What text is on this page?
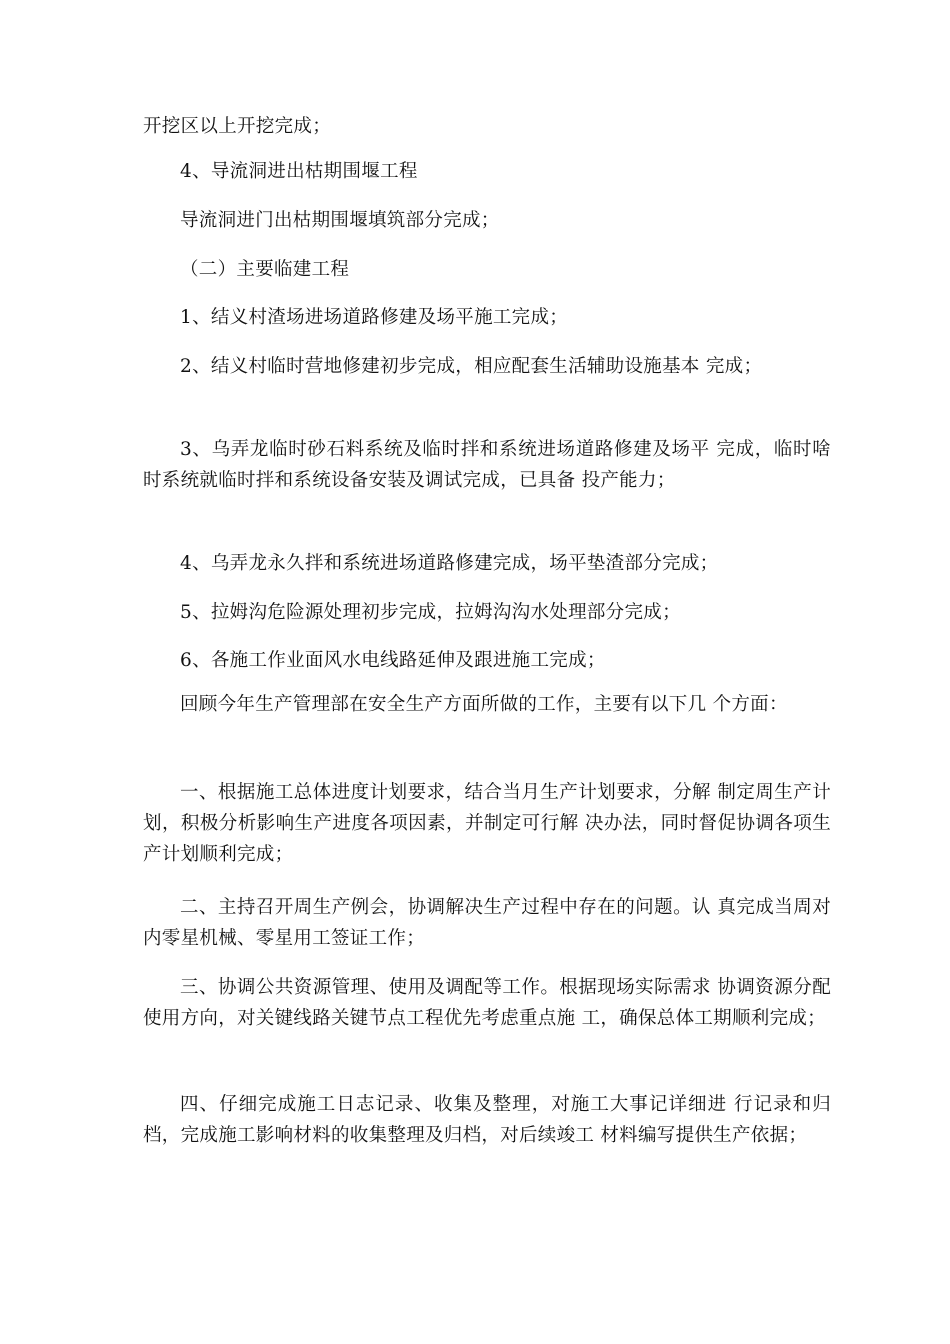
开挖区以上开挖完成；

4、导流洞进出枯期围堰工程

导流洞进门出枯期围堰填筑部分完成；

（二）主要临建工程

1、结义村渣场进场道路修建及场平施工完成；

2、结义村临时营地修建初步完成，相应配套生活辅助设施基本 完成；

3、乌弄龙临时砂石料系统及临时拌和系统进场道路修建及场平 完成，临时啥时系统就临时拌和系统设备安装及调试完成，已具备 投产能力；

4、乌弄龙永久拌和系统进场道路修建完成，场平垫渣部分完成；

5、拉姆沟危险源处理初步完成，拉姆沟沟水处理部分完成；

6、各施工作业面风水电线路延伸及跟进施工完成；

回顾今年生产管理部在安全生产方面所做的工作，主要有以下几 个方面：

一、根据施工总体进度计划要求，结合当月生产计划要求，分解 制定周生产计划，积极分析影响生产进度各项因素，并制定可行解 决办法，同时督促协调各项生产计划顺利完成；

二、主持召开周生产例会，协调解决生产过程中存在的问题。认 真完成当周对内零星机械、零星用工签证工作；

三、协调公共资源管理、使用及调配等工作。根据现场实际需求 协调资源分配使用方向，对关键线路关键节点工程优先考虑重点施 工，确保总体工期顺利完成；

四、仔细完成施工日志记录、收集及整理，对施工大事记详细进 行记录和归档，完成施工影响材料的收集整理及归档，对后续竣工 材料编写提供生产依据；
